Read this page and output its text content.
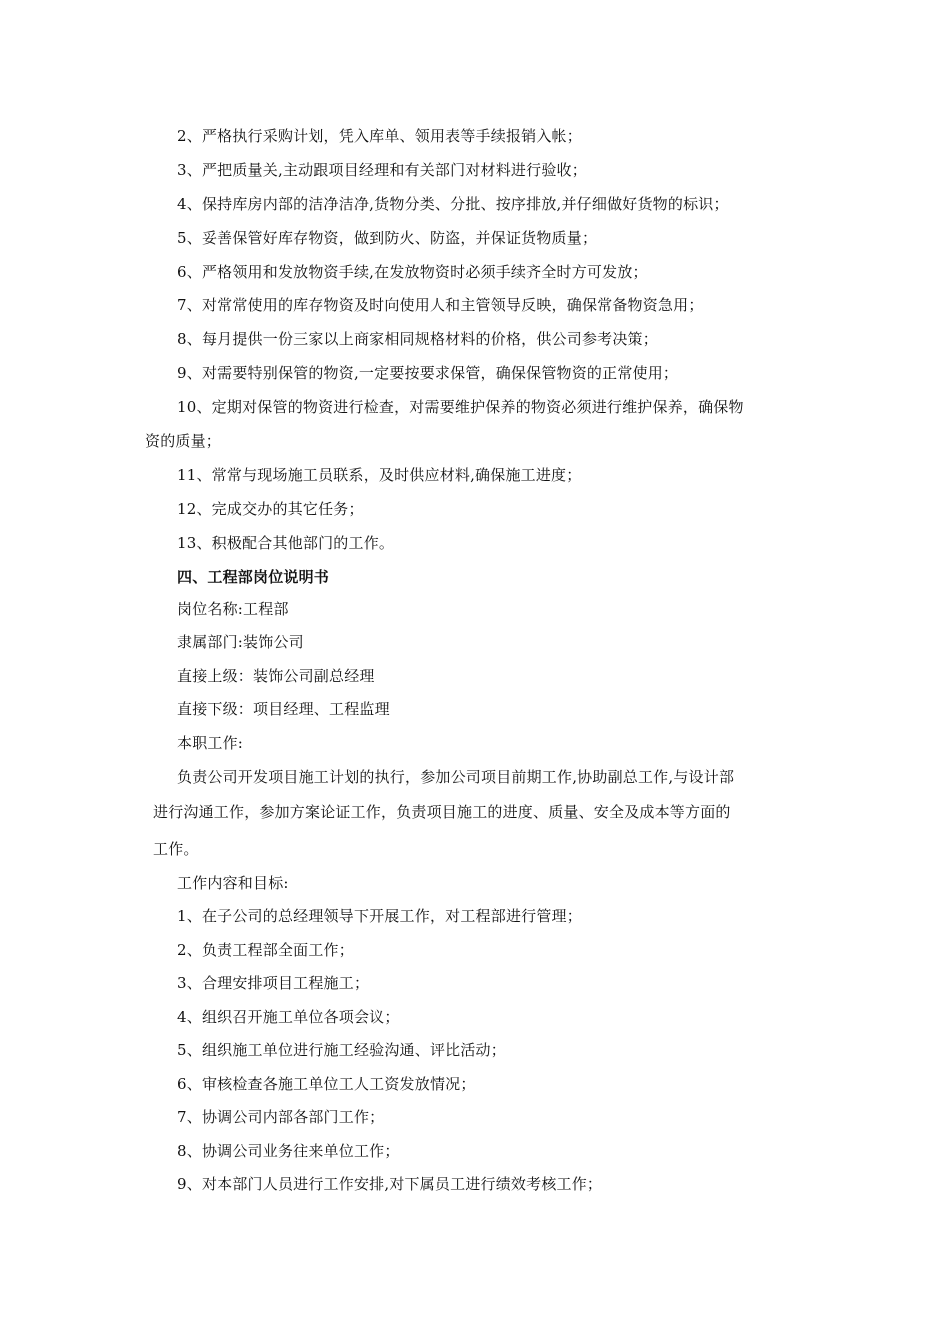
2、严格执行采购计划，凭入库单、领用表等手续报销入帐；
3、严把质量关,主动跟项目经理和有关部门对材料进行验收；
4、保持库房内部的洁净洁净,货物分类、分批、按序排放,并仔细做好货物的标识；
5、妥善保管好库存物资，做到防火、防盗，并保证货物质量；
6、严格领用和发放物资手续,在发放物资时必须手续齐全时方可发放；
7、对常常使用的库存物资及时向使用人和主管领导反映，确保常备物资急用；
8、每月提供一份三家以上商家相同规格材料的价格，供公司参考决策；
9、对需要特别保管的物资,一定要按要求保管，确保保管物资的正常使用；
10、定期对保管的物资进行检查，对需要维护保养的物资必须进行维护保养，确保物
资的质量；
11、常常与现场施工员联系，及时供应材料,确保施工进度；
12、完成交办的其它任务；
13、积极配合其他部门的工作。
四、工程部岗位说明书
岗位名称:工程部
隶属部门:装饰公司
直接上级：装饰公司副总经理
直接下级：项目经理、工程监理
本职工作:
负责公司开发项目施工计划的执行，参加公司项目前期工作,协助副总工作,与设计部
进行沟通工作，参加方案论证工作，负责项目施工的进度、质量、安全及成本等方面的
工作。
工作内容和目标:
1、在子公司的总经理领导下开展工作，对工程部进行管理；
2、负责工程部全面工作；
3、合理安排项目工程施工；
4、组织召开施工单位各项会议；
5、组织施工单位进行施工经验沟通、评比活动；
6、审核检查各施工单位工人工资发放情况；
7、协调公司内部各部门工作；
8、协调公司业务往来单位工作；
9、对本部门人员进行工作安排,对下属员工进行绩效考核工作；
